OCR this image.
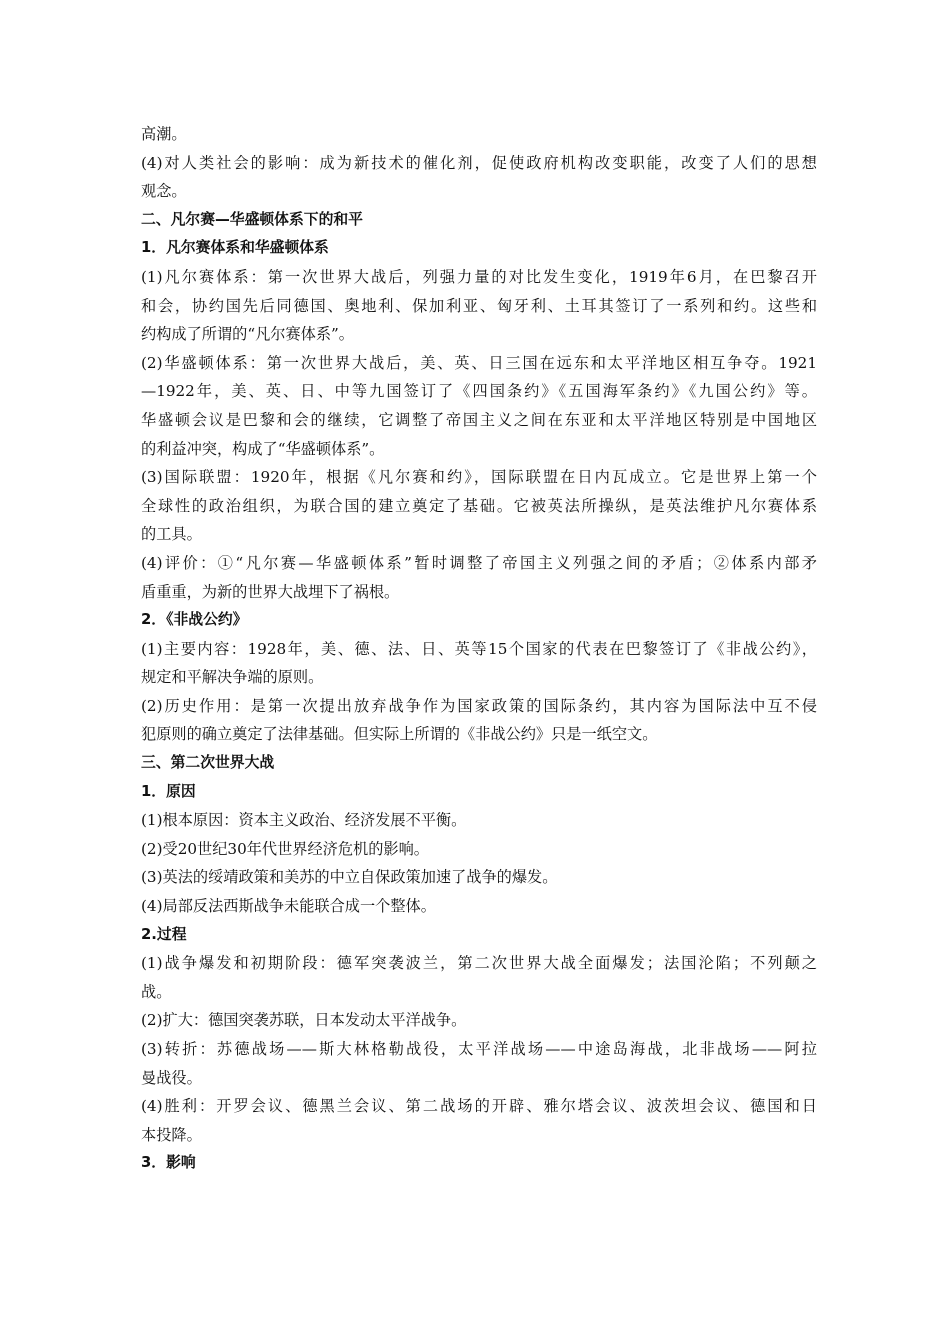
高潮。
(4)对人类社会的影响：成为新技术的催化剂，促使政府机构改变职能，改变了人们的思想
观念。
二、凡尔赛—华盛顿体系下的和平
1．凡尔赛体系和华盛顿体系
(1)凡尔赛体系：第一次世界大战后，列强力量的对比发生变化，1919年6月，在巴黎召开
和会，协约国先后同德国、奥地利、保加利亚、匈牙利、土耳其签订了一系列和约。这些和
约构成了所谓的“凡尔赛体系”。
(2)华盛顿体系：第一次世界大战后，美、英、日三国在远东和太平洋地区相互争夺。1921
—1922年，美、英、日、中等九国签订了《四国条约》《五国海军条约》《九国公约》等。
华盛顿会议是巴黎和会的继续，它调整了帝国主义之间在东亚和太平洋地区特别是中国地区
的利益冲突，构成了“华盛顿体系”。
(3)国际联盟：1920年，根据《凡尔赛和约》，国际联盟在日内瓦成立。它是世界上第一个
全球性的政治组织，为联合国的建立奠定了基础。它被英法所操纵，是英法维护凡尔赛体系
的工具。
(4)评价：①“凡尔赛—华盛顿体系”暂时调整了帝国主义列强之间的矛盾；②体系内部矛
盾重重，为新的世界大战埋下了祸根。
2．《非战公约》
(1)主要内容：1928年，美、德、法、日、英等15个国家的代表在巴黎签订了《非战公约》，
规定和平解决争端的原则。
(2)历史作用：是第一次提出放弃战争作为国家政策的国际条约，其内容为国际法中互不侵
犯原则的确立奠定了法律基础。但实际上所谓的《非战公约》只是一纸空文。
三、第二次世界大战
1．原因
(1)根本原因：资本主义政治、经济发展不平衡。
(2)受20世纪30年代世界经济危机的影响。
(3)英法的绥靖政策和美苏的中立自保政策加速了战争的爆发。
(4)局部反法西斯战争未能联合成一个整体。
2.过程
(1)战争爆发和初期阶段：德军突袭波兰，第二次世界大战全面爆发；法国沦陷；不列颠之
战。
(2)扩大：德国突袭苏联，日本发动太平洋战争。
(3)转折：苏德战场——斯大林格勒战役，太平洋战场——中途岛海战，北非战场——阿拉
曼战役。
(4)胜利：开罗会议、德黑兰会议、第二战场的开辟、雅尔塔会议、波茨坦会议、德国和日
本投降。
3．影响
